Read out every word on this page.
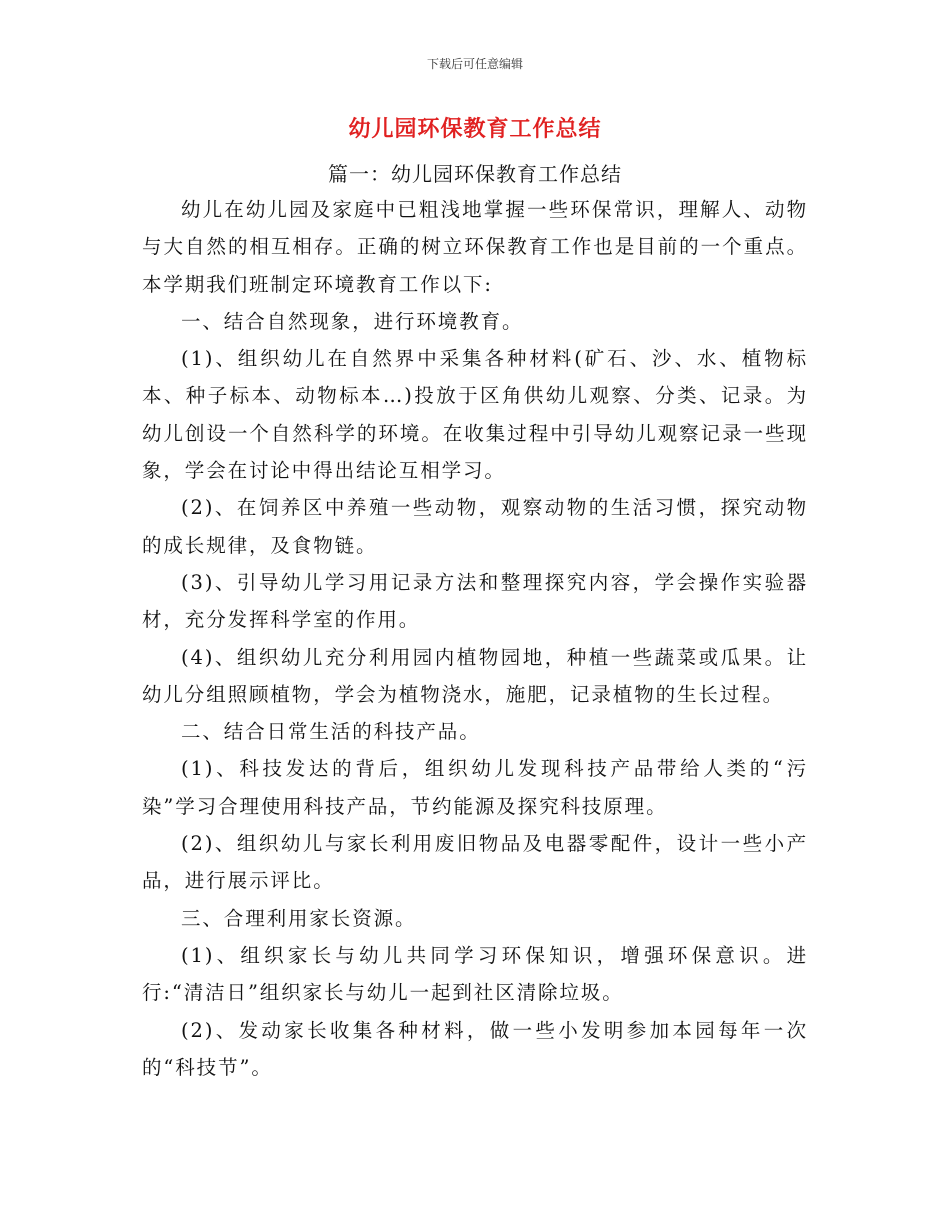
下载后可任意编辑
幼儿园环保教育工作总结
篇一：幼儿园环保教育工作总结

幼儿在幼儿园及家庭中已粗浅地掌握一些环保常识，理解人、动物与大自然的相互相存。正确的树立环保教育工作也是目前的一个重点。本学期我们班制定环境教育工作以下:

一、结合自然现象，进行环境教育。

(1)、组织幼儿在自然界中采集各种材料(矿石、沙、水、植物标本、种子标本、动物标本…)投放于区角供幼儿观察、分类、记录。为幼儿创设一个自然科学的环境。在收集过程中引导幼儿观察记录一些现象，学会在讨论中得出结论互相学习。

(2)、在饲养区中养殖一些动物，观察动物的生活习惯，探究动物的成长规律，及食物链。

(3)、引导幼儿学习用记录方法和整理探究内容，学会操作实验器材，充分发挥科学室的作用。

(4)、组织幼儿充分利用园内植物园地，种植一些蔬菜或瓜果。让幼儿分组照顾植物，学会为植物浇水，施肥，记录植物的生长过程。

二、结合日常生活的科技产品。

(1)、科技发达的背后，组织幼儿发现科技产品带给人类的“污染”学习合理使用科技产品，节约能源及探究科技原理。

(2)、组织幼儿与家长利用废旧物品及电器零配件，设计一些小产品，进行展示评比。

三、合理利用家长资源。

(1)、组织家长与幼儿共同学习环保知识，增强环保意识。进行:“清洁日”组织家长与幼儿一起到社区清除垃圾。

(2)、发动家长收集各种材料，做一些小发明参加本园每年一次的“科技节”。
